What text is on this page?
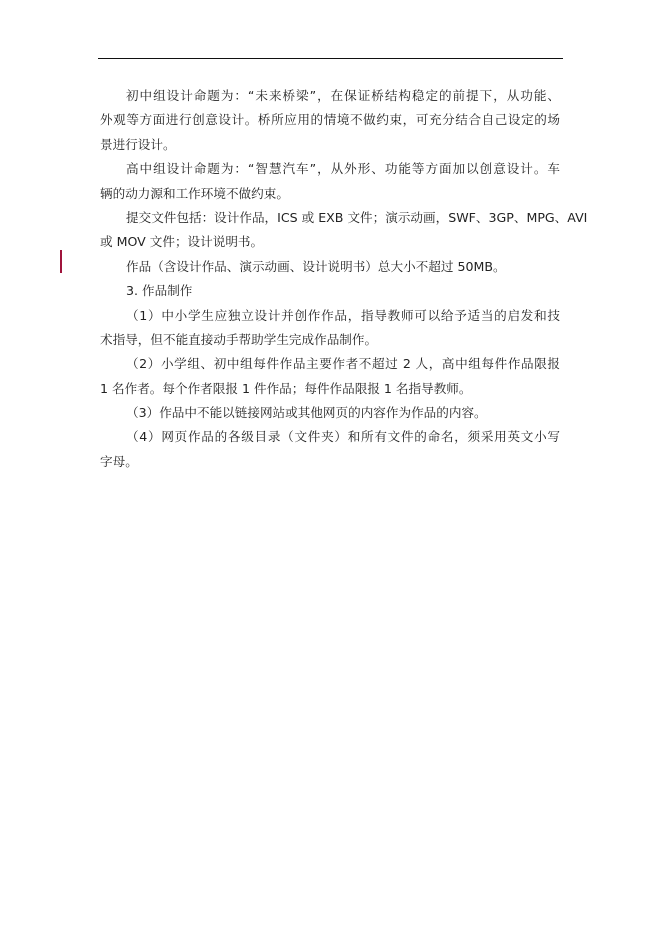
初中组设计命题为：“未来桥梁”，在保证桥结构稳定的前提下，从功能、
外观等方面进行创意设计。桥所应用的情境不做约束，可充分结合自己设定的场
景进行设计。
高中组设计命题为：“智慧汽车”，从外形、功能等方面加以创意设计。车
辆的动力源和工作环境不做约束。
提交文件包括：设计作品，ICS 或 EXB 文件；演示动画，SWF、3GP、MPG、AVI
或 MOV 文件；设计说明书。
作品（含设计作品、演示动画、设计说明书）总大小不超过 50MB。
3. 作品制作
（1）中小学生应独立设计并创作作品，指导教师可以给予适当的启发和技
术指导，但不能直接动手帮助学生完成作品制作。
（2）小学组、初中组每件作品主要作者不超过 2 人，高中组每件作品限报
1 名作者。每个作者限报 1 件作品；每件作品限报 1 名指导教师。
（3）作品中不能以链接网站或其他网页的内容作为作品的内容。
（4）网页作品的各级目录（文件夹）和所有文件的命名，须采用英文小写
字母。
